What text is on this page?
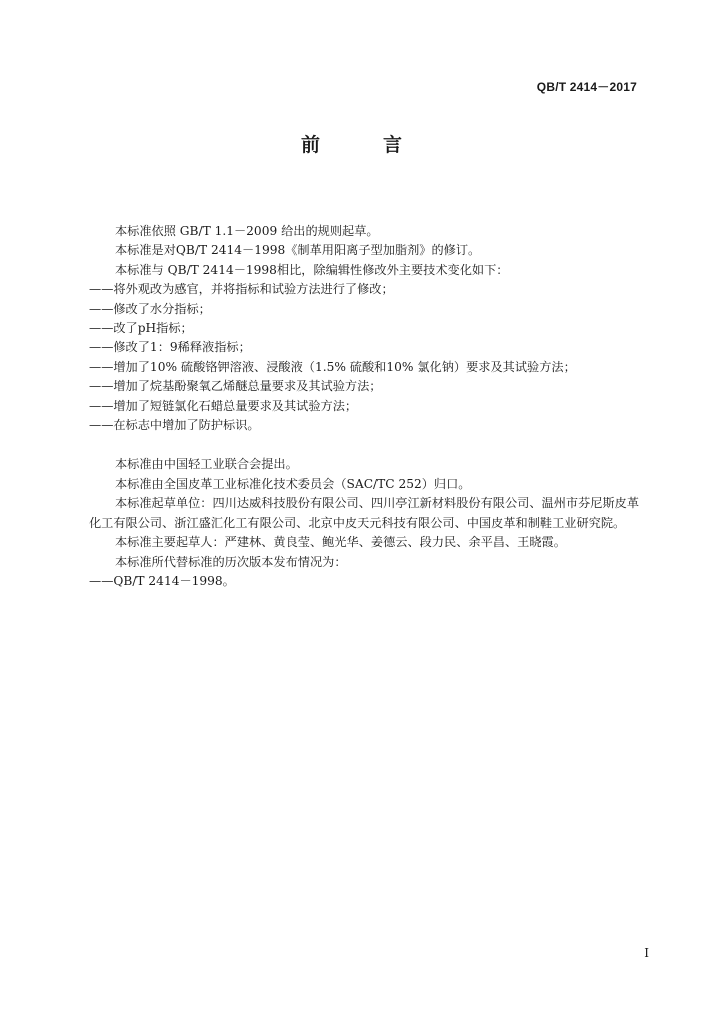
QB/T 2414－2017
前　言

本标准依照 GB/T 1.1－2009 给出的规则起草。

本标准是对QB/T 2414－1998《制革用阳离子型加脂剂》的修订。

本标准与 QB/T 2414－1998相比，除编辑性修改外主要技术变化如下：

——将外观改为感官，并将指标和试验方法进行了修改；

——修改了水分指标；

——改了pH指标；

——修改了1：9稀释液指标；

——增加了10% 硫酸铬钾溶液、浸酸液（1.5% 硫酸和10% 氯化钠）要求及其试验方法；

——增加了烷基酚聚氧乙烯醚总量要求及其试验方法；

——增加了短链氯化石蜡总量要求及其试验方法；

——在标志中增加了防护标识。

本标准由中国轻工业联合会提出。

本标准由全国皮革工业标准化技术委员会（SAC/TC 252）归口。

本标准起草单位：四川达威科技股份有限公司、四川亭江新材料股份有限公司、温州市芬尼斯皮革

化工有限公司、浙江盛汇化工有限公司、北京中皮天元科技有限公司、中国皮革和制鞋工业研究院。

本标准主要起草人：严建林、黄良莹、鲍光华、姜德云、段力民、余平昌、王晓霞。

本标准所代替标准的历次版本发布情况为：

——QB/T 2414－1998。

I
